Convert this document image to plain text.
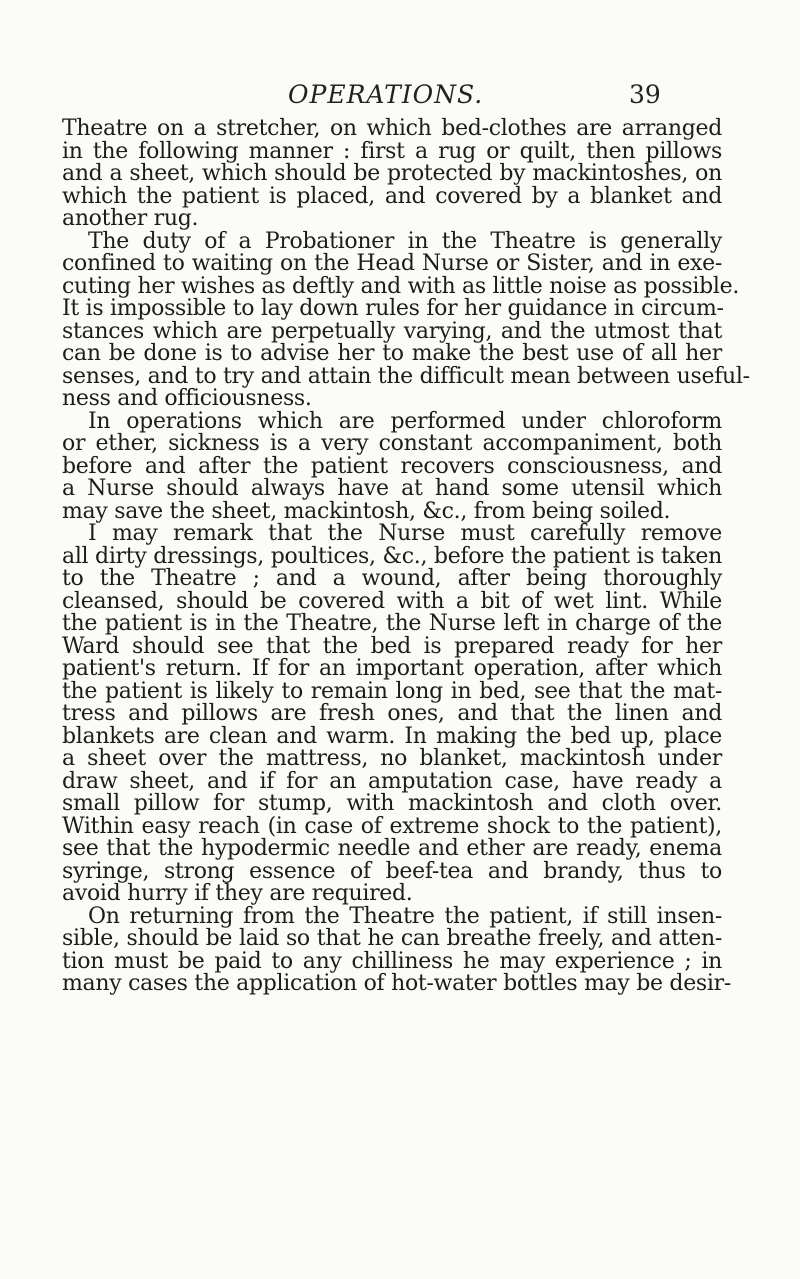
OPERATIONS.	39
Theatre on a stretcher, on which bed-clothes are arranged
in the following manner : first a rug or quilt, then pillows
and a sheet, which should be protected by mackintoshes, on
which the patient is placed, and covered by a blanket and
another rug.
The duty of a Probationer in the Theatre is generally
confined to waiting on the Head Nurse or Sister, and in exe-
cuting her wishes as deftly and with as little noise as possible.
It is impossible to lay down rules for her guidance in circum-
stances which are perpetually varying, and the utmost that
can be done is to advise her to make the best use of all her
senses, and to try and attain the difficult mean between useful-
ness and officiousness.
In operations which are performed under chloroform
or ether, sickness is a very constant accompaniment, both
before and after the patient recovers consciousness, and
a Nurse should always have at hand some utensil which
may save the sheet, mackintosh, &c., from being soiled.
I may remark that the Nurse must carefully remove
all dirty dressings, poultices, &c., before the patient is taken
to the Theatre ; and a wound, after being thoroughly
cleansed, should be covered with a bit of wet lint. While
the patient is in the Theatre, the Nurse left in charge of the
Ward should see that the bed is prepared ready for her
patient's return. If for an important operation, after which
the patient is likely to remain long in bed, see that the mat-
tress and pillows are fresh ones, and that the linen and
blankets are clean and warm. In making the bed up, place
a sheet over the mattress, no blanket, mackintosh under
draw sheet, and if for an amputation case, have ready a
small pillow for stump, with mackintosh and cloth over.
Within easy reach (in case of extreme shock to the patient),
see that the hypodermic needle and ether are ready, enema
syringe, strong essence of beef-tea and brandy, thus to
avoid hurry if they are required.
On returning from the Theatre the patient, if still insen-
sible, should be laid so that he can breathe freely, and atten-
tion must be paid to any chilliness he may experience ; in
many cases the application of hot-water bottles may be desir-
